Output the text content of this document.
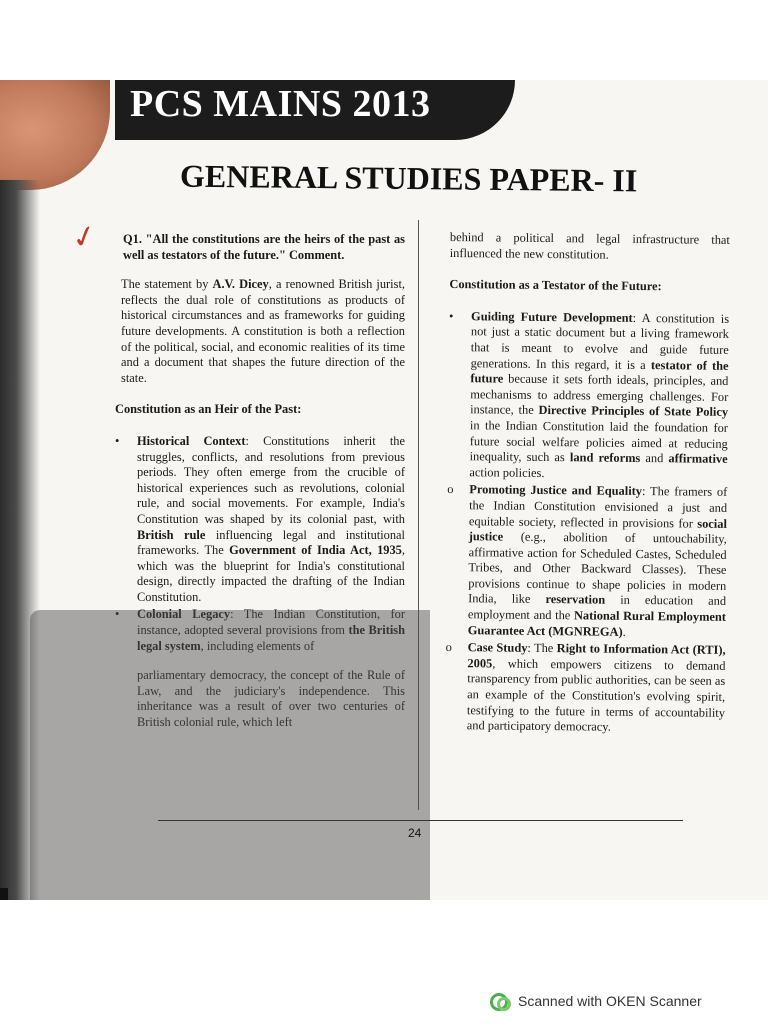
PCS MAINS 2013
GENERAL STUDIES PAPER- II
✓ Q1. "All the constitutions are the heirs of the past as well as testators of the future." Comment.

The statement by A.V. Dicey, a renowned British jurist, reflects the dual role of constitutions as products of historical circumstances and as frameworks for guiding future developments. A constitution is both a reflection of the political, social, and economic realities of its time and a document that shapes the future direction of the state.

Constitution as an Heir of the Past:

• Historical Context: Constitutions inherit the struggles, conflicts, and resolutions from previous periods. They often emerge from the crucible of historical experiences such as revolutions, colonial rule, and social movements. For example, India's Constitution was shaped by its colonial past, with British rule influencing legal and institutional frameworks. The Government of India Act, 1935, which was the blueprint for India's constitutional design, directly impacted the drafting of the Indian Constitution.
• Colonial Legacy: The Indian Constitution, for instance, adopted several provisions from the British legal system, including elements of
parliamentary democracy, the concept of the Rule of Law, and the judiciary's independence. This inheritance was a result of over two centuries of British colonial rule, which left

behind a political and legal infrastructure that influenced the new constitution.

Constitution as a Testator of the Future:

• Guiding Future Development: A constitution is not just a static document but a living framework that is meant to evolve and guide future generations. In this regard, it is a testator of the future because it sets forth ideals, principles, and mechanisms to address emerging challenges. For instance, the Directive Principles of State Policy in the Indian Constitution laid the foundation for future social welfare policies aimed at reducing inequality, such as land reforms and affirmative action policies.
o Promoting Justice and Equality: The framers of the Indian Constitution envisioned a just and equitable society, reflected in provisions for social justice (e.g., abolition of untouchability, affirmative action for Scheduled Castes, Scheduled Tribes, and Other Backward Classes). These provisions continue to shape policies in modern India, like reservation in education and employment and the National Rural Employment Guarantee Act (MGNREGA).
o Case Study: The Right to Information Act (RTI), 2005, which empowers citizens to demand transparency from public authorities, can be seen as an example of the Constitution's evolving spirit, testifying to the future in terms of accountability and participatory democracy.
24
Scanned with OKEN Scanner
